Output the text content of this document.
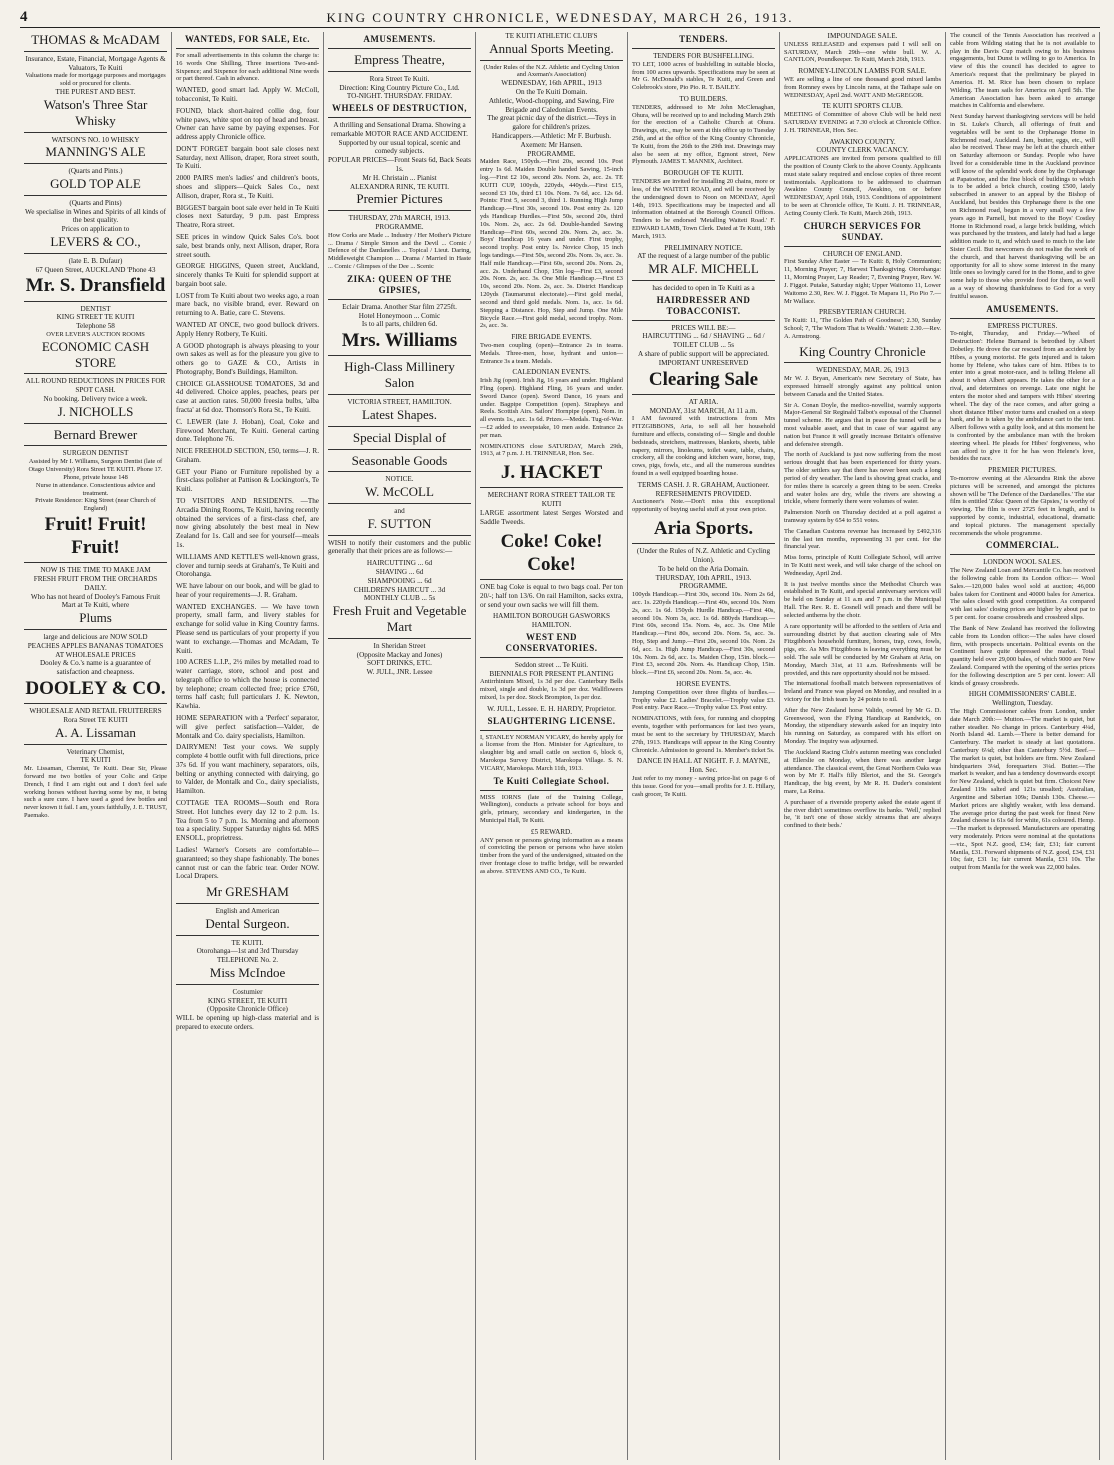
4	KING COUNTRY CHRONICLE, WEDNESDAY, MARCH 26, 1913.
THOMAS & McADAM
Insurance, Estate, Financial, Mortgage Agents & Valuators, Te Kuiti
Valuations made for mortgage purposes and mortgages sold or procured for clients.
THE PUREST AND BEST.
Watson's Three Star Whisky
WATSON'S NO. 10 WHISKY
MANNING'S ALE
(Quarts and Pints.)
GOLD TOP ALE
(Quarts and Pints)
We specialise in Wines and Spirits of all kinds of the best quality.
Prices on application to
LEVERS & CO.,
(late E. B. Dufaur)
67 Queen Street, AUCKLAND 'Phone 43
Mr. S. Dransfield
DENTIST
KING STREET TE KUITI
Telephone 58
OVER LEVER'S AUCTION ROOMS
ECONOMIC CASH STORE
ALL ROUND REDUCTIONS IN PRICES FOR SPOT CASH.
No booking. Delivery twice a week.
J. NICHOLLS
Bernard Brewer
SURGEON DENTIST
Assisted by Mr I. Williams, Surgeon Dentist (late of Otago University) Rora Street TE KUITI. Phone 17. Phone, private house 148
Nurse in attendance. Conscientious advice and treatment.
Private Residence: King Street (near Church of England)
Fruit! Fruit! Fruit!
NOW IS THE TIME TO MAKE JAM
FRESH FRUIT FROM THE ORCHARDS DAILY.
Who has not heard of Dooley's Famous Fruit Mart at Te Kuiti, where
Plums
large and delicious are NOW SOLD
PEACHES APPLES BANANAS TOMATOES
AT WHOLESALE PRICES
Dooley & Co.'s name is a guarantee of satisfaction and cheapness.
DOOLEY & CO.
WHOLESALE AND RETAIL FRUITERERS
Rora Street TE KUITI
A. A. Lissaman
Veterinary Chemist,
TE KUITI
Mr. Lissaman, Chemist, Te Kuiti. Dear Sir, Please forward me two bottles of your Colic and Gripe Drench, I find I am right out and I don't feel safe working horses without having some by me, it being such a sure cure. I have used a good few bottles and never known it fail. I am, yours faithfully, J. E. TRUST, Paemako.
WANTEDS, FOR SALE, Etc.
For small advertisements in this column the charge is: 16 words One Shilling, Three insertions Two-and-Sixpence; and Sixpence for each additional Nine words or part thereof. Cash in advance.
WANTED, good smart lad. Apply W. McColl, tobacconist, Te Kuiti.
FOUND, black short-haired collie dog, four white paws, white spot on top of head and breast. Owner can have same by paying expenses. For address apply Chronicle office.
DON'T FORGET bargain boot sale closes next Saturday, next Allison, draper, Rora street south, Te Kuiti.
2000 PAIRS men's ladies' and children's boots, shoes and slippers—Quick Sales Co., next Allison, draper, Rora st., Te Kuiti.
BIGGEST bargain boot sale ever held in Te Kuiti closes next Saturday, 9 p.m. past Empress Theatre, Rora street.
SEE prices in window Quick Sales Co's. boot sale, best brands only, next Allison, draper, Rora street south.
GEORGE HIGGINS, Queen street, Auckland, sincerely thanks Te Kuiti for splendid support at bargain boot sale.
LOST from Te Kuiti about two weeks ago, a roan mare back, no visible brand, ever. Reward on returning to A. Batie, care C. Stevens.
WANTED AT ONCE, two good bullock drivers. Apply Henry Rotbery, Te Kuiti.
A GOOD photograph is always pleasing to your own sakes as well as for the pleasure you give to others go to GAZE & CO., Artists in Photography, Bond's Buildings, Hamilton.
CHOICE GLASSHOUSE TOMATOES, 3d and 4d delivered. Choice apples, peaches, pears per case at auction rates. 50,000 freesia bulbs, 'alba fracta' at 6d doz. Thomson's Rora St., Te Kuiti.
C. LEWER (late J. Hoban), Coal, Coke and Firewood Merchant, Te Kuiti. General carting done. Telephone 76.
NICE FREEHOLD SECTION, £50, terms—J. R. Graham.
GET your Piano or Furniture repolished by a first-class polisher at Pattison & Lockington's, Te Kuiti.
TO VISITORS AND RESIDENTS. —The Arcadia Dining Rooms, Te Kuiti, having recently obtained the services of a first-class chef, are now giving absolutely the best meal in New Zealand for 1s. Call and see for yourself—meals 1s.
WILLIAMS AND KETTLE'S well-known grass, clover and turnip seeds at Graham's, Te Kuiti and Otorohanga.
WE have labour on our book, and will be glad to hear of your requirements—J. R. Graham.
WANTED EXCHANGES. — We have town property, small farm, and livery stables for exchange for solid value in King Country farms. Please send us particulars of your property if you want to exchange.—Thomas and McAdam, Te Kuiti.
100 ACRES L.I.P., 2½ miles by metalled road to water carriage, store, school and post and telegraph office to which the house is connected by telephone; cream collected free; price £760, terms half cash; full particulars J. K. Newton, Kawhia.
HOME SEPARATION with a 'Perfect' separator, will give perfect satisfaction—Valder, de Montalk and Co. dairy specialists, Hamilton.
DAIRYMEN! Test your cows. We supply complete 4 bottle outfit with full directions, price 37s 6d. If you want machinery, separators, oils, belting or anything connected with dairying, go to Valder, de Montalk and Co., dairy specialists, Hamilton.
COTTAGE TEA ROOMS—South end Rora Street. Hot lunches every day 12 to 2 p.m. 1s. Tea from 5 to 7 p.m. 1s. Morning and afternoon tea a speciality. Supper Saturday nights 6d. MRS ENSOLL, proprietress.
Ladies! Warner's Corsets are comfortable—guaranteed; so they shape fashionably. The bones cannot rust or can the fabric tear. Order NOW. Local Drapers.
Mr GRESHAM
English and American
Dental Surgeon.
TE KUITI.
Otorohanga—1st and 3rd Thursday
TELEPHONE No. 2.
Miss McIndoe
Costumier
KING STREET, TE KUITI
(Opposite Chronicle Office)
WILL be opening up high-class material and is prepared to execute orders.
AMUSEMENTS.
Empress Theatre,
Rora Street Te Kuiti.
Direction: King Country Picture Co., Ltd.
TO-NIGHT. THURSDAY. FRIDAY.
WHEELS OF DESTRUCTION,
A thrilling and Sensational Drama. Showing a remarkable MOTOR RACE AND ACCIDENT.
Supported by our usual topical, scenic and comedy subjects.
POPULAR PRICES—Front Seats 6d, Back Seats 1s.
Mr H. Christain ... Pianist
ALEXANDRA RINK, TE KUITI.
Premier Pictures
THURSDAY, 27th MARCH, 1913.
PROGRAMME.
How Corks are Made ... Industry / Her Mother's Picture ... Drama / Simple Simon and the Devil ... Comic / Defence of the Dardanelles ... Topical / Lieut. Daring, Middleweight Champion ... Drama / Married in Haste ... Comic / Glimpses of the Dee ... Scenic
ZIKA: QUEEN OF THE GIPSIES,
Eclair Drama. Another Star film 2725ft.
Hotel Honeymoon ... Comic
Is to all parts, children 6d.
Mrs. Williams
High-Class Millinery Salon
VICTORIA STREET, HAMILTON.
Latest Shapes.
Special Displal of
Seasonable Goods
NOTICE.
W. McCOLL
and
F. SUTTON
WISH to notify their customers and the public generally that their prices are as follows:—
HAIRCUTTING ... 6d
SHAVING ... 6d
SHAMPOOING ... 6d
CHILDREN'S HAIRCUT ... 3d
MONTHLY CLUB ... 5s
Fresh Fruit and Vegetable Mart
In Sheridan Street
(Opposite Mackay and Jones)
SOFT DRINKS, ETC.
W. JULL, JNR. Lessee
TE KUITI ATHLETIC CLUB'S
Annual Sports Meeting.
(Under Rules of the N.Z. Athletic and Cycling Union and Axeman's Association)
WEDNESDAY, 16th APRIL, 1913
On the Te Kuiti Domain.
Athletic, Wood-chopping, and Sawing, Fire Brigade and Caledonian Events.
The great picnic day of the district.—Teys in galore for children's prizes.
Handicappers.—Athletic: Mr F. Burbush. Axemen: Mr Hansen.
PROGRAMME.
Maiden Race, 150yds.—First 20s, second 10s. Post entry 1s 6d. Maiden Double handed Sawing, 15-inch log.—First £2 10s, second 20s. Nom. 2s, acc. 2s. TE KUITI CUP, 100yds, 220yds, 440yds.—First £15, second £3 10s, third £1 10s. Nom. 7s 6d, acc. 12s 6d. Points: First 5, second 3, third 1. Running High Jump Handicap.—First 30s, second 10s. Post entry 2s. 120 yds Handicap Hurdles.—First 50s, second 20s, third 10s. Nom. 2s, acc. 2s 6d. Double-handed Sawing Handicap—First 60s, second 20s. Nom. 2s, acc. 3s. Boys' Handicap 16 years and under. First trophy, second trophy. Post entry 1s. Novice Chop, 15 inch logs tandings.—First 50s, second 20s. Nom. 3s, acc. 3s. Half mile Handicap.—First 60s, second 20s. Nom. 2s, acc. 2s. Underhand Chop, 15in log—First £3, second 20s. Nom. 2s, acc. 3s. One Mile Handicap.—First £3 10s, second 20s. Nom. 2s, acc. 3s. District Handicap 120yds (Taumarunui electorate).—First gold medal, second and third gold medals. Nom. 1s, acc. 1s 6d. Stepping a Distance. Hop, Step and Jump. One Mile Bicycle Race.—First gold medal, second trophy. Nom. 2s, acc. 3s.
FIRE BRIGADE EVENTS.
Two-men coupling (open)—Entrance 2s in teams. Medals. Three-men, hose, hydrant and union—Entrance 3s a team. Medals.
CALEDONIAN EVENTS.
Irish Jig (open). Irish Jig, 16 years and under. Highland Fling (open). Highland Fling, 16 years and under. Sword Dance (open). Sword Dance, 16 years and under. Bagpipe Competition (open). Strapheys and Reels. Scottish Airs. Sailors' Hornpipe (open). Nom. in all events 1s., acc. 1s 6d. Prizes.—Medals. Tug-of-War.—£2 added to sweepstake, 10 men aside. Entrance 2s per man.
NOMINATIONS close SATURDAY, March 29th, 1913, at 7 p.m. J. H. TRINNEAR, Hon. Sec.
J. HACKET
MERCHANT RORA STREET TAILOR TE KUITI
LARGE assortment latest Serges Worsted and Saddle Tweeds.
Coke! Coke! Coke!
ONE bag Coke is equal to two bags coal. Per ton 20/-; half ton 13/6. On rail Hamilton, sacks extra, or send your own sacks we will fill them.
HAMILTON BOROUGH GASWORKS HAMILTON.
WEST END CONSERVATORIES.
Seddon street ... Te Kuiti.
BIENNIALS FOR PRESENT PLANTING
Antirrhinium Mixed, 1s 3d per doz. Canterbury Bells mixed, single and double, 1s 3d per doz. Wallflowers mixed, 1s per doz. Stock Brompton, 1s per doz.
W. JULL, Lessee. E. H. HARDY, Proprietor.
SLAUGHTERING LICENSE.
I, STANLEY NORMAN VICARY, do hereby apply for a license from the Hon. Minister for Agriculture, to slaughter big and small cattle on section 6, block 6, Marokopa Survey District, Marokopa Village. S. N. VICARY, Marokopa. March 11th, 1913.
Te Kuiti Collegiate School.
MISS IORNS (late of the Training College, Wellington), conducts a private school for boys and girls, primary, secondary and kindergarten, in the Municipal Hall, Te Kuiti.
£5 REWARD.
ANY person or persons giving information as a means of convicting the person or persons who have stolen timber from the yard of the undersigned, situated on the river frontage close to traffic bridge, will be rewarded as above. STEVENS AND CO., Te Kuiti.
TENDERS.
TENDERS FOR BUSHFELLING.
TO LET, 1000 acres of bushfelling in suitable blocks, from 100 acres upwards. Specifications may be seen at Mr G. McDonald's stables, Te Kuiti, and Green and Colebrook's store, Pio Pio. R. T. BAILEY.
TO BUILDERS.
TENDERS, addressed to Mr John McClenaghan, Ohura, will be received up to and including March 29th for the erection of a Catholic Church at Ohura. Drawings, etc., may be seen at this office up to Tuesday 25th, and at the office of the King Country Chronicle, Te Kuiti, from the 26th to the 29th inst. Drawings may also be seen at my office, Egmont street, New Plymouth. JAMES T. MANNIX, Architect.
BOROUGH OF TE KUITI.
TENDERS are invited for installing 20 chains, more or less, of the WAITETI ROAD, and will be received by the undersigned down to Noon on MONDAY, April 14th, 1913. Specifications may be inspected and all information obtained at the Borough Council Offices. Tenders to be endorsed 'Metalling Waiteti Road.' F. EDWARD LAMB, Town Clerk. Dated at Te Kuiti, 19th March, 1913.
PRELIMINARY NOTICE.
AT the request of a large number of the public
MR ALF. MICHELL
has decided to open in Te Kuiti as a
HAIRDRESSER AND TOBACCONIST.
PRICES WILL BE:—
HAIRCUTTING ... 6d / SHAVING ... 6d / TOILET CLUB ... 5s
A share of public support will be appreciated.
IMPORTANT UNRESERVED
Clearing Sale
AT ARIA.
MONDAY, 31st MARCH, At 11 a.m.
I AM favoured with instructions from Mrs FITZGIBBONS, Aria, to sell all her household furniture and effects, consisting of— Single and double bedsteads, stretchers, mattresses, blankets, sheets, table napery, mirrors, linoleums, toilet ware, table, chairs, crockery, all the cooking and kitchen ware, horse, trap, cows, pigs, fowls, etc., and all the numerous sundries found in a well equipped boarding house.
TERMS CASH. J. R. GRAHAM, Auctioneer.
REFRESHMENTS PROVIDED.
Auctioneer's Note.—Don't miss this exceptional opportunity of buying useful stuff at your own price.
Aria Sports.
(Under the Rules of N.Z. Athletic and Cycling Union).
To be held on the Aria Domain.
THURSDAY, 10th APRIL, 1913.
PROGRAMME.
100yds Handicap.—First 30s, second 10s. Nom 2s 6d, acc. 1s. 220yds Handicap.—First 40s, second 10s. Nom 2s, acc. 1s 6d. 150yds Hurdle Handicap.—First 40s, second 10s. Nom 3s, acc. 1s 6d. 880yds Handicap.—First 60s, second 15s. Nom. 4s, acc. 3s. One Mile Handicap.—First 80s, second 20s. Nom. 5s, acc. 3s. Hop, Step and Jump.—First 20s, second 10s. Nom. 2s 6d, acc. 1s. High Jump Handicap.—First 30s, second 10s. Nom. 2s 6d, acc. 1s. Maiden Chop, 15in. block.—First £3, second 20s. Nom. 4s. Handicap Chop, 15in. block.—First £6, second 20s. Nom. 5s, acc. 4s.
HORSE EVENTS.
Jumping Competition over three flights of hurdles.—Trophy value £2. Ladies' Bracelet.—Trophy value £3. Post entry. Pace Race.—Trophy value £3. Post entry.
NOMINATIONS, with fees, for running and chopping events, together with performances for last two years, must be sent to the secretary by THURSDAY, March 27th, 1913. Handicaps will appear in the King Country Chronicle. Admission to ground 1s. Member's ticket 5s.
DANCE IN HALL AT NIGHT. F. J. MAYNE, Hon. Sec.
Just refer to my money - saving price-list on page 6 of this issue. Good for you—small profits for J. E. Hillary, cash grocer, Te Kuiti.
IMPOUNDAGE SALE.
UNLESS RELEASED and expenses paid I will sell on SATURDAY, March 29th—one white bull. W. A. CANTLON, Poundkeeper. Te Kuiti, March 26th, 1913.
ROMNEY-LINCOLN LAMBS FOR SALE.
WE are selling a line of one thousand good mixed lambs from Romney ewes by Lincoln rams, at the Taihape sale on WEDNESDAY, April 2nd. WATT AND McGREGOR.
TE KUITI SPORTS CLUB.
MEETING of Committee of above Club will be held next SATURDAY EVENING at 7.30 o'clock at Chronicle Office. J. H. TRINNEAR, Hon. Sec.
AWAKINO COUNTY.
COUNTY CLERK VACANCY.
APPLICATIONS are invited from persons qualified to fill the position of County Clerk to the above County. Applicants must state salary required and enclose copies of three recent testimonials. Applications to be addressed to chairman Awakino County Council, Awakino, on or before WEDNESDAY, April 16th, 1913. Conditions of appointment to be seen at Chronicle office, Te Kuiti. J. H. TRINNEAR, Acting County Clerk. Te Kuiti, March 26th, 1913.
CHURCH SERVICES FOR SUNDAY.
CHURCH OF ENGLAND.
First Sunday After Easter — Te Kuiti: 8, Holy Communion; 11, Morning Prayer; 7, Harvest Thanksgiving. Otorohanga: 11, Morning Prayer, Lay Reader; 7, Evening Prayer, Rev. W. J. Figgot. Putake, Saturday night; Upper Waitomo 11, Lower Waitomo 2.30, Rev. W. J. Figgot. Te Mapara 11, Pio Pio 7.—Mr Wallace.
PRESBYTERIAN CHURCH.
Te Kuiti: 11, 'The Golden Path of Goodness'; 2.30, Sunday School; 7, 'The Wisdom That is Wealth.' Waiteti: 2.30.—Rev. A. Armstrong.
King Country Chronicle
WEDNESDAY, MAR. 26, 1913
Mr W. J. Bryan, American's new Secretary of State, has expressed himself strongly against any political union between Canada and the United States.
Sir A. Conan Doyle, the medico-novellist, warmly supports Major-General Sir Reginald Talbot's espousal of the Channel tunnel scheme. He argues that in peace the tunnel will be a most valuable asset, and that in case of war against any nation but France it will greatly increase Britain's offensive and defensive strength.
The north of Auckland is just now suffering from the most serious drought that has been experienced for thirty years. The older settlers say that there has never been such a long period of dry weather. The land is showing great cracks, and for miles there is scarcely a green thing to be seen. Creeks and water holes are dry, while the rivers are showing a trickle, where formerly there were volumes of water.
Palmerston North on Thursday decided at a poll against a tramway system by 654 to 551 votes.
The Canadian Customs revenue has increased by £492,316 in the last ten months, representing 31 per cent. for the financial year.
Miss Iorns, principle of Kuiti Collegiate School, will arrive in Te Kuiti next week, and will take charge of the school on Wednesday, April 2nd.
It is just twelve months since the Methodist Church was established in Te Kuiti, and special anniversary services will be held on Sunday at 11 a.m and 7 p.m. in the Municipal Hall. The Rev. R. E. Gosnell will preach and there will be selected anthems by the choir.
A rare opportunity will be afforded to the settlers of Aria and surrounding district by that auction clearing sale of Mrs Fitzgibbon's household furniture, horses, trap, cows, fowls, pigs, etc. As Mrs Fitzgibbons is leaving everything must be sold. The sale will be conducted by Mr Graham at Aria, on Monday, March 31st, at 11 a.m. Refreshments will be provided, and this rare opportunity should not be missed.
The international football match between representatives of Ireland and France was played on Monday, and resulted in a victory for the Irish team by 24 points to nil.
After the New Zealand horse Valido, owned by Mr G. D. Greenwood, won the Flying Handicap at Randwick, on Monday, the stipendiary stewards asked for an inquiry into his running on Saturday, as compared with his effort on Monday. The inquiry was adjourned.
The Auckland Racing Club's autumn meeting was concluded at Ellerslie on Monday, when there was another large attendance. The classical event, the Great Northern Oaks was won by Mr F. Hall's filly Bleriot, and the St. George's Handicap, the big event, by Mr R. H. Duder's consistent mare, La Reina.
A purchaser of a riverside property asked the estate agent if the river didn't sometimes overflow its banks. 'Well,' replied he, 'it isn't one of those sickly streams that are always confined to their beds.'
The council of the Tennis Association has received a cable from Wilding stating that he is not available to play in the Davis Cup match owing to his business engagements, but Dunst is willing to go to America. In view of this the council has decided to agree to America's request that the preliminary be played in America. H. M. Rice has been chosen to replace Wilding. The team sails for America on April 5th. The American Association has been asked to arrange matches in California and elsewhere.
Next Sunday harvest thanksgiving services will be held in St. Luke's Church, all offerings of fruit and vegetables will be sent to the Orphanage Home in Richmond road, Auckland. Jam, butter, eggs, etc., will also be received. These may be left at the church either on Saturday afternoon or Sunday. People who have lived for a considerable time in the Auckland province will know of the splendid work done by the Orphanage at Papatoetoe, and the fine block of buildings to which is to be added a brick church, costing £500, lately subscribed in answer to an appeal by the Bishop of Auckland, but besides this Orphanage there is the one on Richmond road, begun in a very small way a few years ago in Parnell, but moved to the Boys' Costley Home in Richmond road, a large brick building, which was purchased by the trustees, and lately had had a large addition made to it, and which used to much to the late Sister Cecil. But newcomers do not realise the work of the church, and that harvest thanksgiving will be an opportunity for all to show some interest in the many little ones so lovingly cared for in the Home, and to give some help to those who provide food for them, as well as a way of showing thankfulness to God for a very fruitful season.
AMUSEMENTS.
EMPRESS PICTURES.
To-night, Thursday, and Friday.—'Wheel of Destruction': Helene Burnand is betrothed by Albert Dobeiley. He drove the car rescued from an accident by Hibes, a young motorist. He gets injured and is taken home by Helene, who takes care of him. Hibes is to enter into a great motor-race, and is telling Helene all about it when Albert appears. He takes the other for a rival, and determines on revenge. Late one night he enters the motor shed and tampers with Hibes' steering wheel. The day of the race comes, and after going a short distance Hibes' motor turns and crashed on a steep bank, and he is taken by the ambulance cart to the tent. Albert follows with a guilty look, and at this moment he is confronted by the ambulance man with the broken steering wheel. He pleads for Hibes' forgiveness, who can afford to give it for he has won Helene's love, besides the race.
PREMIER PICTURES.
To-morrow evening at the Alexandra Rink the above pictures will be screened, and amongst the pictures shown will be 'The Defence of the Dardanelles.' The star film is entitled 'Zika: Queen of the Gipsies,' is worthy of viewing. The film is over 2725 feet in length, and is supported by comic, industrial, educational, dramatic and topical pictures. The management specially recommends the whole programme.
COMMERCIAL.
LONDON WOOL SALES.
The New Zealand Loan and Mercantile Co. has received the following cable from its London office:— Wool Sales.—120,000 bales wool sold at auction; 46,000 bales taken for Continent and 40000 bales for America. The sales closed with good competition. As compared with last sales' closing prices are higher by about par to 5 per cent. for coarse crossbreds and crossbred slips.
The Bank of New Zealand has received the following cable from its London office:—The sales have closed firm, with prospects uncertain. Political events on the Continent have quite depressed the market. Total quantity held over 29,000 bales, of which 9000 are New Zealand. Compared with the opening of the series prices for the following description are 5 per cent. lower: All kinds of greasy crossbreds.
HIGH COMMISSIONERS' CABLE.
Wellington, Tuesday.
The High Commissioner cables from London, under date March 20th:— Mutton.—The market is quiet, but rather steadier. No change in prices. Canterbury 4¼d, North Island 4d. Lamb.—There is better demand for Canterbury. The market is steady at last quotations. Canterbury 6⅛d; other than Canterbury 5½d. Beef.—The market is quiet, but holders are firm. New Zealand hindquarters 3⅛d, forequarters 3¼d. Butter.—The market is weaker, and has a tendency downwards except for New Zealand, which is quiet but firm. Choicest New Zealand 119s salted and 121s unsalted; Australian, Argentine and Siberian 109s; Danish 130s. Cheese.—Market prices are slightly weaker, with less demand. The average price during the past week for finest New Zealand cheese is 61s 6d for white, 61s coloured. Hemp.—The market is depressed. Manufacturers are operating very moderately. Prices were nominal at the quotations—viz., Spot N.Z. good, £34; fair, £31; fair current Manila, £31. Forward shipments of N.Z. good, £34, £31 10s; fair, £31 1s; fair current Manila, £31 10s. The output from Manila for the week was 22,000 bales.
